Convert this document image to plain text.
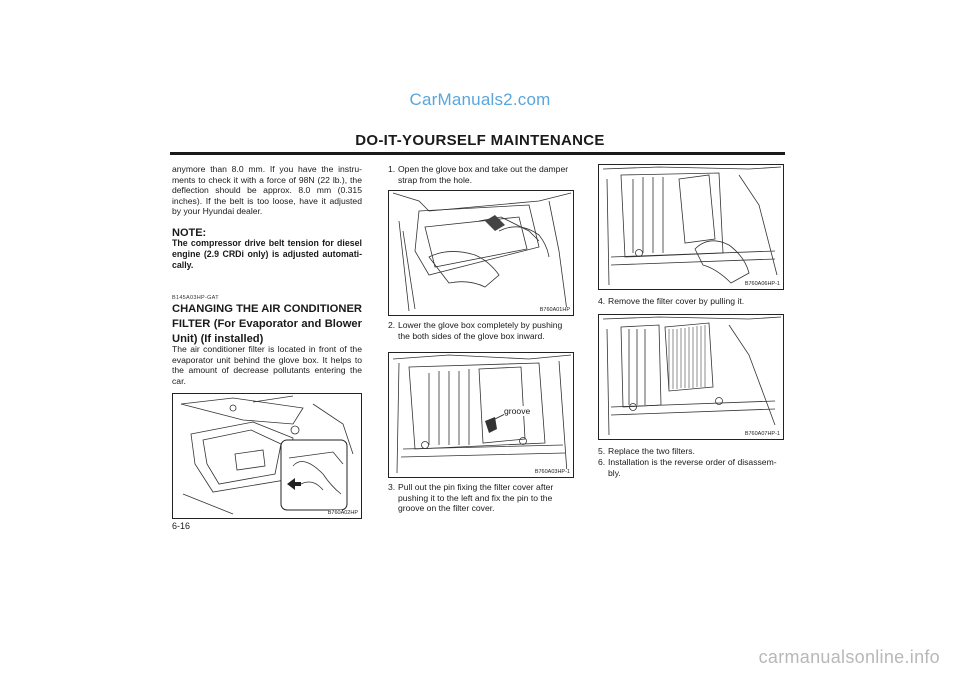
CarManuals2.com
DO-IT-YOURSELF MAINTENANCE
anymore than 8.0 mm. If you have the instru-ments to check it with a force of 98N (22 lb.), the deflection should be approx. 8.0 mm (0.315 inches). If the belt is too loose, have it adjusted by your Hyundai dealer.
NOTE:
The compressor drive belt tension for diesel engine (2.9 CRDi only) is adjusted automati-cally.
B145A03HP-GAT
CHANGING THE AIR CONDITIONER FILTER (For Evaporator and Blower Unit) (If installed)
The air conditioner filter is located in front of the evaporator unit behind the glove box. It helps to the amount of decrease pollutants entering the car.
B760A02HP
6-16
1. Open the glove box and take out the damper
strap from the hole.
B760A01HP
2. Lower the glove box completely by pushing
the both sides of the glove box inward.
groove
B760A03HP-1
3. Pull out the pin fixing the filter cover after
pushing it to the left and fix the pin to the
groove on the filter cover.
B760A06HP-1
4. Remove the filter cover by pulling it.
B760A07HP-1
5. Replace the two filters.
6. Installation is the reverse order of disassem-
bly.
carmanualsonline.info
